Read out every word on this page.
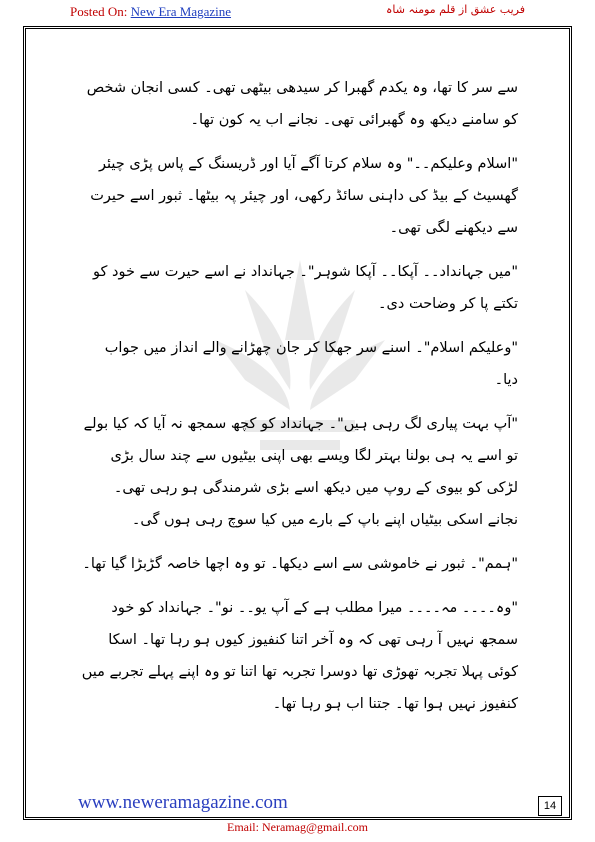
Posted On: New Era Magazine	فریب عشق از قلم مومنہ شاہ

سے سر کا تھا، وہ یکدم گھبرا کر سیدھی بیٹھی تھی۔ کسی انجان شخص کو سامنے دیکھ وہ گھبرائی تھی۔ نجانے اب یہ کون تھا۔

"اسلام وعلیکم۔۔" وہ سلام کرتا آگے آیا اور ڈریسنگ کے پاس پڑی چیئر گھسیٹ کے بیڈ کی داہنی سائڈ رکھی، اور چیئر پہ بیٹھا۔ ثبور اسے حیرت سے دیکھنے لگی تھی۔

"میں جہانداد۔۔ آپکا۔۔ آپکا شوہر"۔ جہانداد نے اسے حیرت سے خود کو تکتے پا کر وضاحت دی۔

"وعلیکم اسلام"۔ اسنے سر جھکا کر جان چھڑانے والے انداز میں جواب دیا۔

"آپ بہت پیاری لگ رہی ہیں"۔ جہانداد کو کچھ سمجھ نہ آیا کہ کیا بولے تو اسے یہ ہی بولنا بہتر لگا ویسے بھی اپنی بیٹیوں سے چند سال بڑی لڑکی کو بیوی کے روپ میں دیکھ اسے بڑی شرمندگی ہو رہی تھی۔ نجانے اسکی بیٹیاں اپنے باپ کے بارے میں کیا سوچ رہی ہوں گی۔

"ہمم"۔ ثبور نے خاموشی سے اسے دیکھا۔ تو وہ اچھا خاصہ گڑبڑا گیا تھا۔

"وہ۔۔۔۔ مہ۔۔۔۔ میرا مطلب ہے کے آپ یو۔۔ نو"۔ جہانداد کو خود سمجھ نہیں آ رہی تھی کہ وہ آخر اتنا کنفیوز کیوں ہو رہا تھا۔ اسکا کوئی پہلا تجربہ تھوڑی تھا دوسرا تجربہ تھا اتنا تو وہ اپنے پہلے تجربے میں کنفیوز نہیں ہوا تھا۔ جتنا اب ہو رہا تھا۔

www.neweramagazine.com	14
Email: Neramag@gmail.com
